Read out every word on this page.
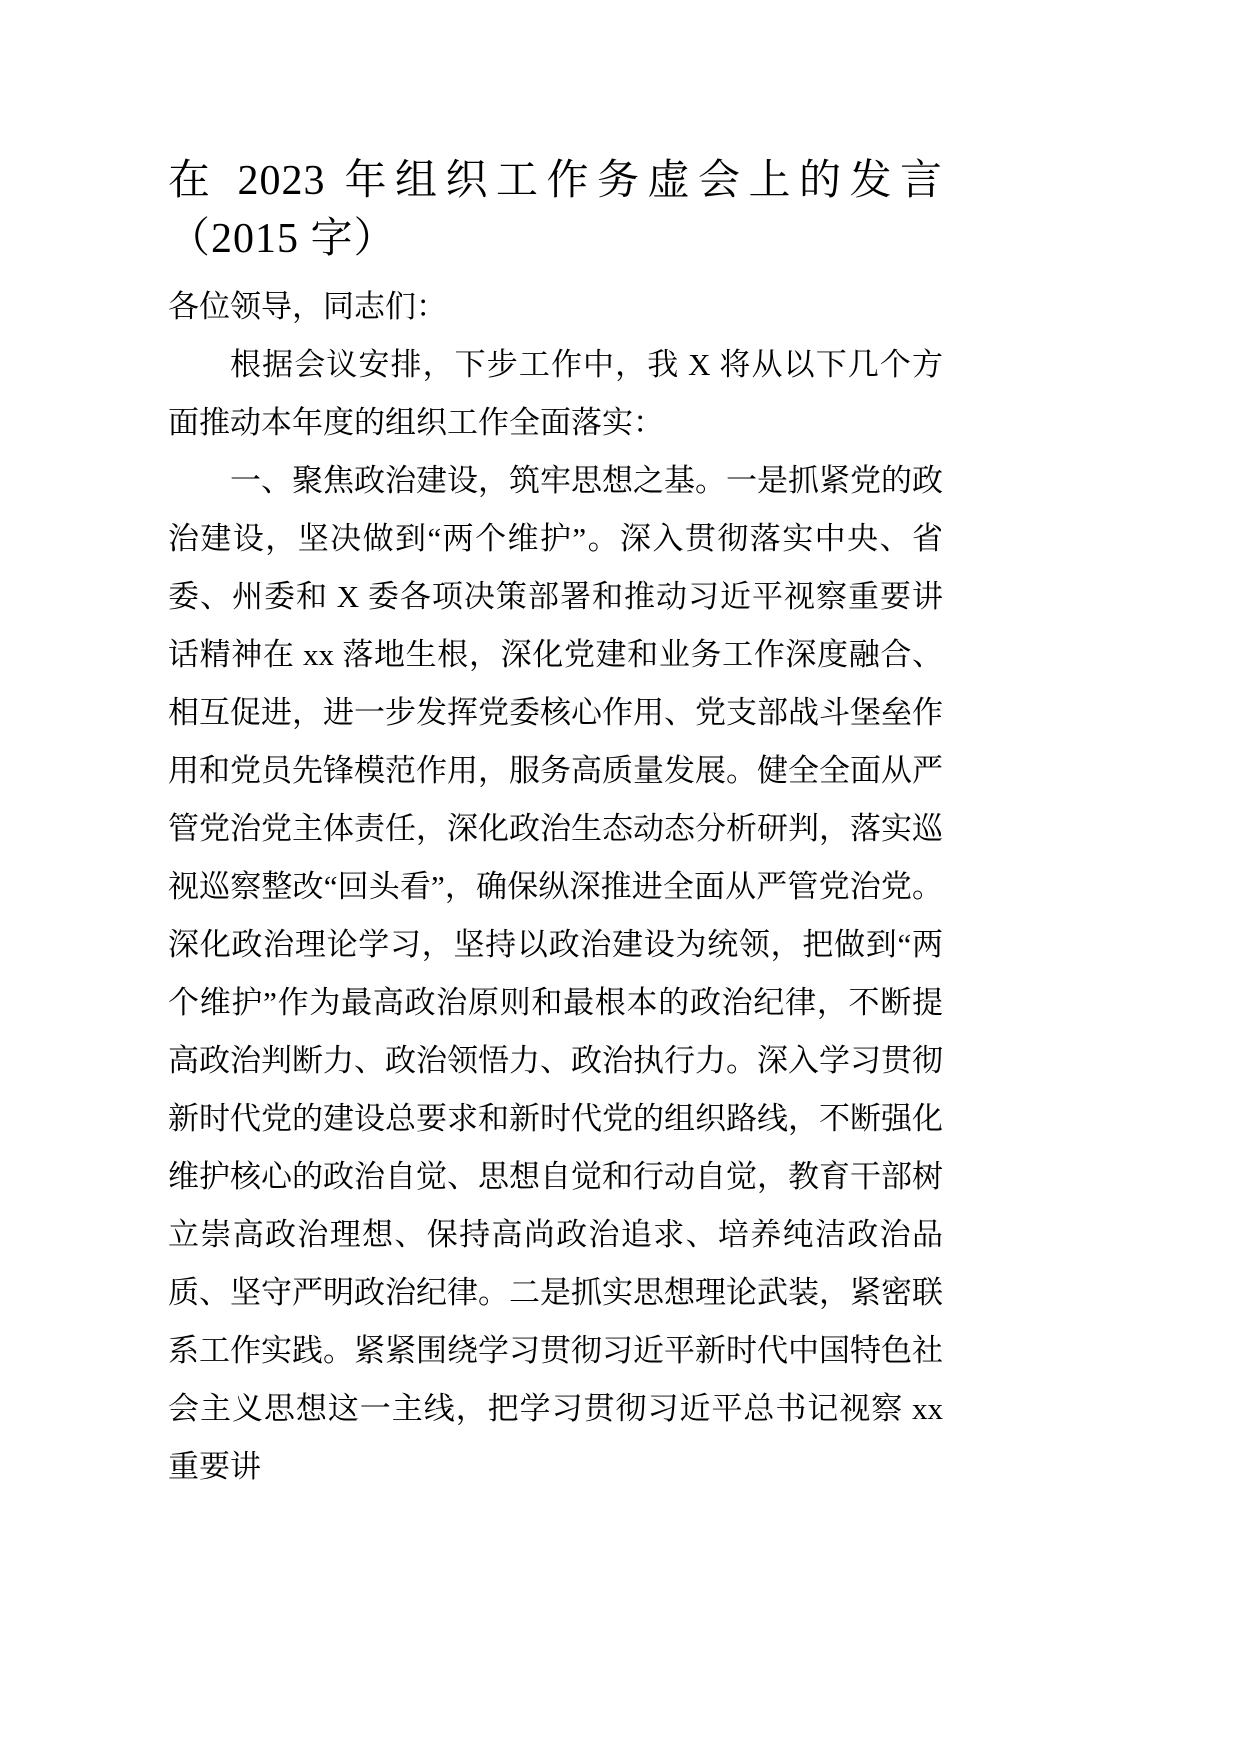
在 2023 年组织工作务虚会上的发言（2015 字）

各位领导，同志们：

根据会议安排，下步工作中，我 X 将从以下几个方面推动本年度的组织工作全面落实：

一、聚焦政治建设，筑牢思想之基。一是抓紧党的政治建设，坚决做到“两个维护”。深入贯彻落实中央、省委、州委和 X 委各项决策部署和推动习近平视察重要讲话精神在 xx 落地生根，深化党建和业务工作深度融合、相互促进，进一步发挥党委核心作用、党支部战斗堡垒作用和党员先锋模范作用，服务高质量发展。健全全面从严管党治党主体责任，深化政治生态动态分析研判，落实巡视巡察整改“回头看”，确保纵深推进全面从严管党治党。深化政治理论学习，坚持以政治建设为统领，把做到“两个维护”作为最高政治原则和最根本的政治纪律，不断提高政治判断力、政治领悟力、政治执行力。深入学习贯彻新时代党的建设总要求和新时代党的组织路线，不断强化维护核心的政治自觉、思想自觉和行动自觉，教育干部树立崇高政治理想、保持高尚政治追求、培养纯洁政治品质、坚守严明政治纪律。二是抓实思想理论武装，紧密联系工作实践。紧紧围绕学习贯彻习近平新时代中国特色社会主义思想这一主线，把学习贯彻习近平总书记视察 xx 重要讲
